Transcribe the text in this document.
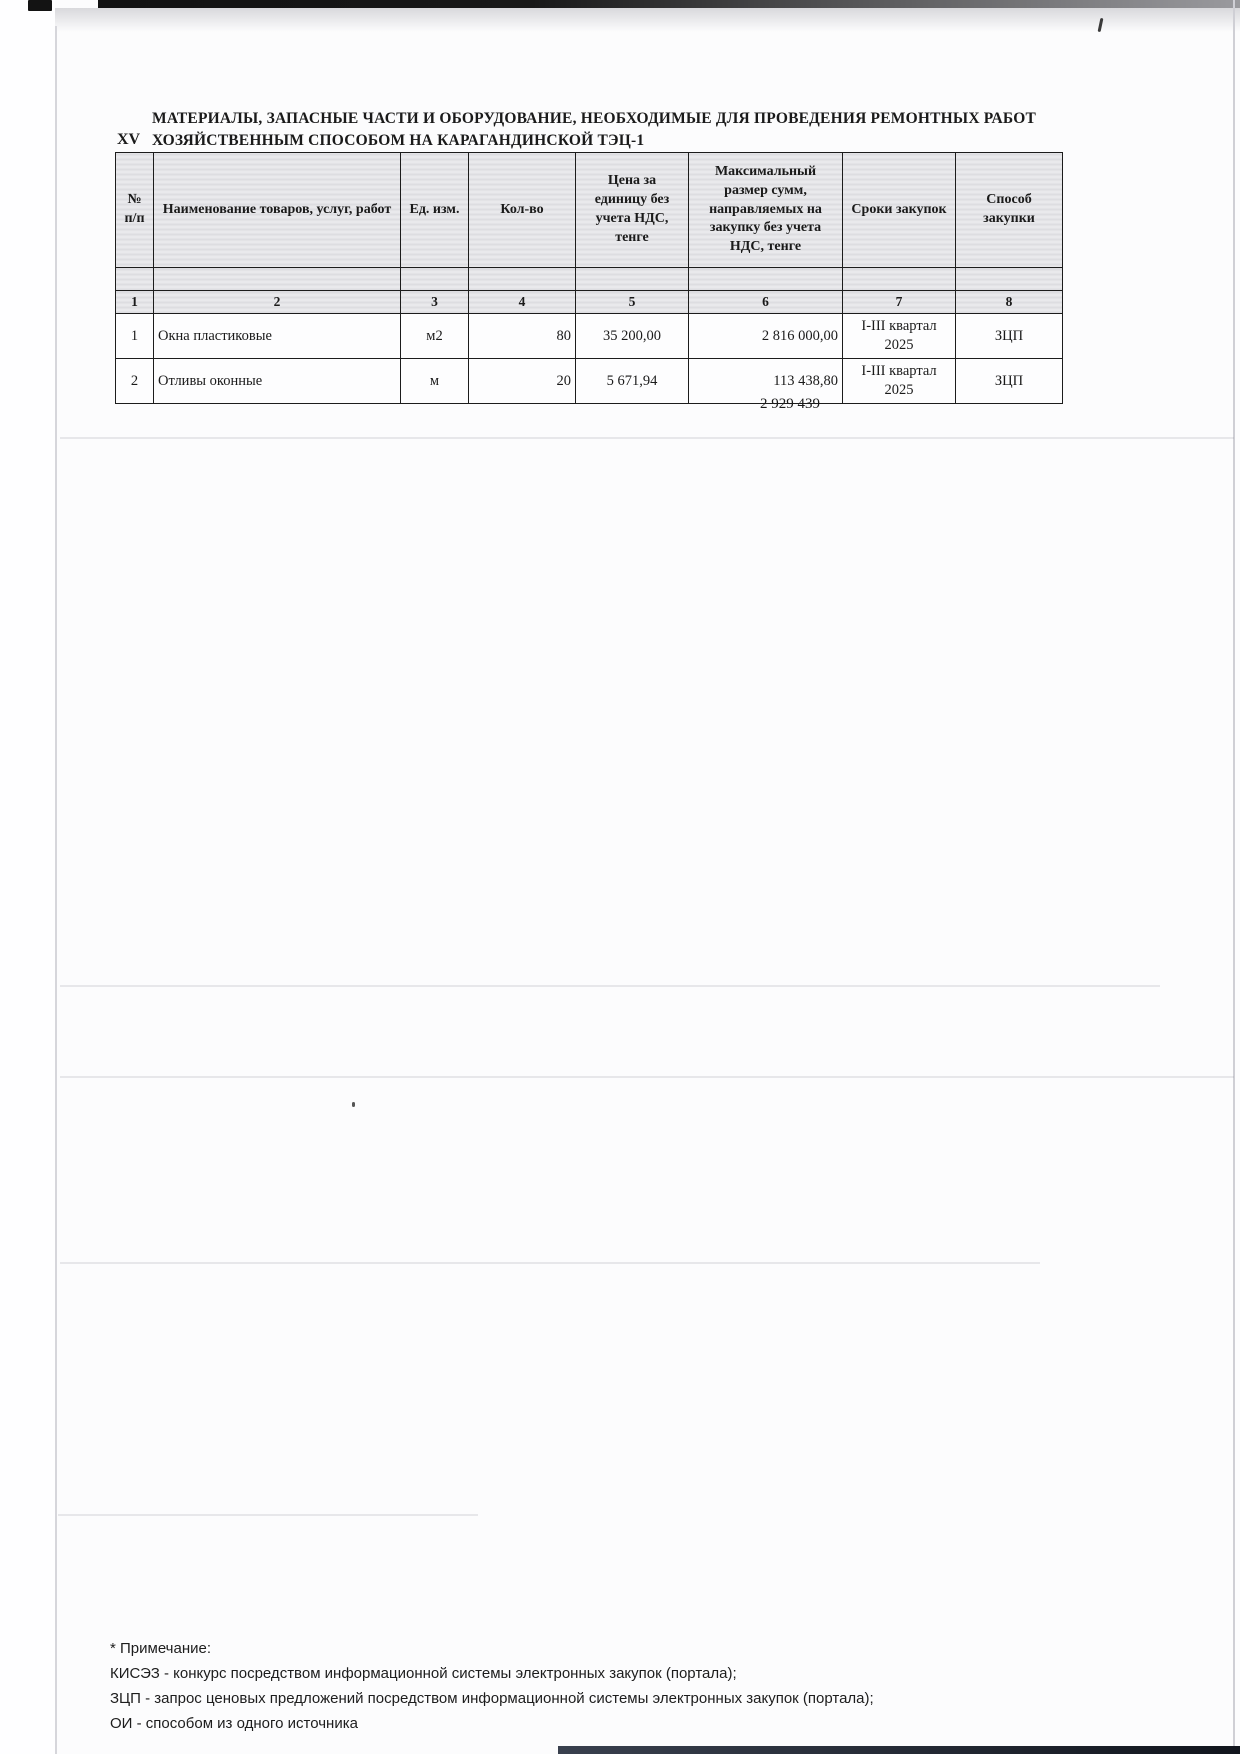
XV
МАТЕРИАЛЫ, ЗАПАСНЫЕ ЧАСТИ И ОБОРУДОВАНИЕ, НЕОБХОДИМЫЕ ДЛЯ ПРОВЕДЕНИЯ РЕМОНТНЫХ РАБОТ ХОЗЯЙСТВЕННЫМ СПОСОБОМ НА КАРАГАНДИНСКОЙ ТЭЦ-1
№ п/п	Наименование товаров, услуг, работ	Ед. изм.	Кол-во	Цена за единицу без учета НДС, тенге	Максимальный размер сумм, направляемых на закупку без учета НДС, тенге	Сроки закупок	Способ закупки

1	2	3	4	5	6	7	8
1	Окна пластиковые	м2	80	35 200,00	2 816 000,00	I-III квартал 2025	ЗЦП
2	Отливы оконные	м	20	5 671,94	113 438,80	I-III квартал 2025	ЗЦП
2 929 439
* Примечание:
КИСЭЗ - конкурс посредством информационной системы электронных закупок (портала);
ЗЦП - запрос ценовых предложений посредством информационной системы электронных закупок (портала);
ОИ - способом из одного источника
